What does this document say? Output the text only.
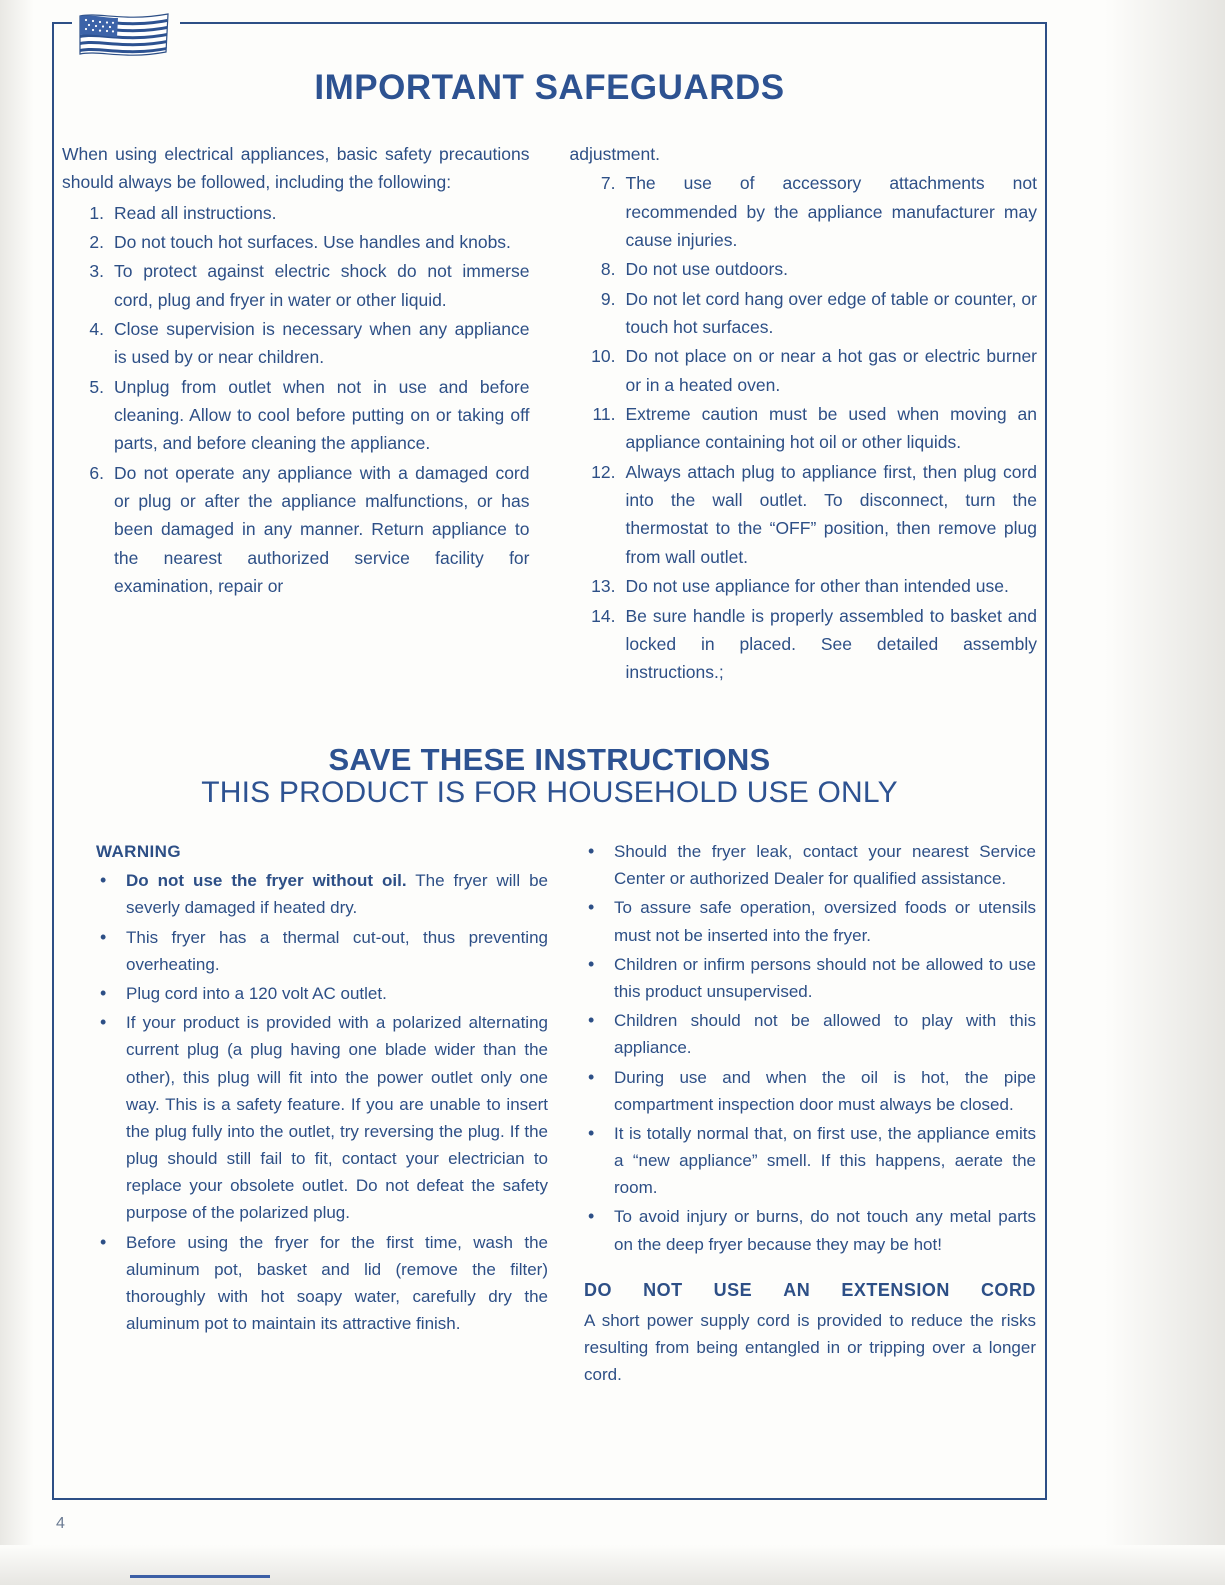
IMPORTANT SAFEGUARDS

When using electrical appliances, basic safety precautions should always be followed, including the following:

1. Read all instructions.
2. Do not touch hot surfaces. Use handles and knobs.
3. To protect against electric shock do not immerse cord, plug and fryer in water or other liquid.
4. Close supervision is necessary when any appliance is used by or near children.
5. Unplug from outlet when not in use and before cleaning. Allow to cool before putting on or taking off parts, and before cleaning the appliance.
6. Do not operate any appliance with a damaged cord or plug or after the appliance malfunctions, or has been damaged in any manner. Return appliance to the nearest authorized service facility for examination, repair or

adjustment.

7. The use of accessory attachments not recommended by the appliance manufacturer may cause injuries.
8. Do not use outdoors.
9. Do not let cord hang over edge of table or counter, or touch hot surfaces.
10. Do not place on or near a hot gas or electric burner or in a heated oven.
11. Extreme caution must be used when moving an appliance containing hot oil or other liquids.
12. Always attach plug to appliance first, then plug cord into the wall outlet. To disconnect, turn the thermostat to the “OFF” position, then remove plug from wall outlet.
13. Do not use appliance for other than intended use.
14. Be sure handle is properly assembled to basket and locked in placed. See detailed assembly instructions.;
SAVE THESE INSTRUCTIONS
THIS PRODUCT IS FOR HOUSEHOLD USE ONLY
WARNING
• Do not use the fryer without oil. The fryer will be severly damaged if heated dry.
• This fryer has a thermal cut-out, thus preventing overheating.
• Plug cord into a 120 volt AC outlet.
• If your product is provided with a polarized alternating current plug (a plug having one blade wider than the other), this plug will fit into the power outlet only one way. This is a safety feature. If you are unable to insert the plug fully into the outlet, try reversing the plug. If the plug should still fail to fit, contact your electrician to replace your obsolete outlet. Do not defeat the safety purpose of the polarized plug.
• Before using the fryer for the first time, wash the aluminum pot, basket and lid (remove the filter) thoroughly with hot soapy water, carefully dry the aluminum pot to maintain its attractive finish.
• Should the fryer leak, contact your nearest Service Center or authorized Dealer for qualified assistance.
• To assure safe operation, oversized foods or utensils must not be inserted into the fryer.
• Children or infirm persons should not be allowed to use this product unsupervised.
• Children should not be allowed to play with this appliance.
• During use and when the oil is hot, the pipe compartment inspection door must always be closed.
• It is totally normal that, on first use, the appliance emits a “new appliance” smell. If this happens, aerate the room.
• To avoid injury or burns, do not touch any metal parts on the deep fryer because they may be hot!
DO NOT USE AN EXTENSION CORD
A short power supply cord is provided to reduce the risks resulting from being entangled in or tripping over a longer cord.
4
